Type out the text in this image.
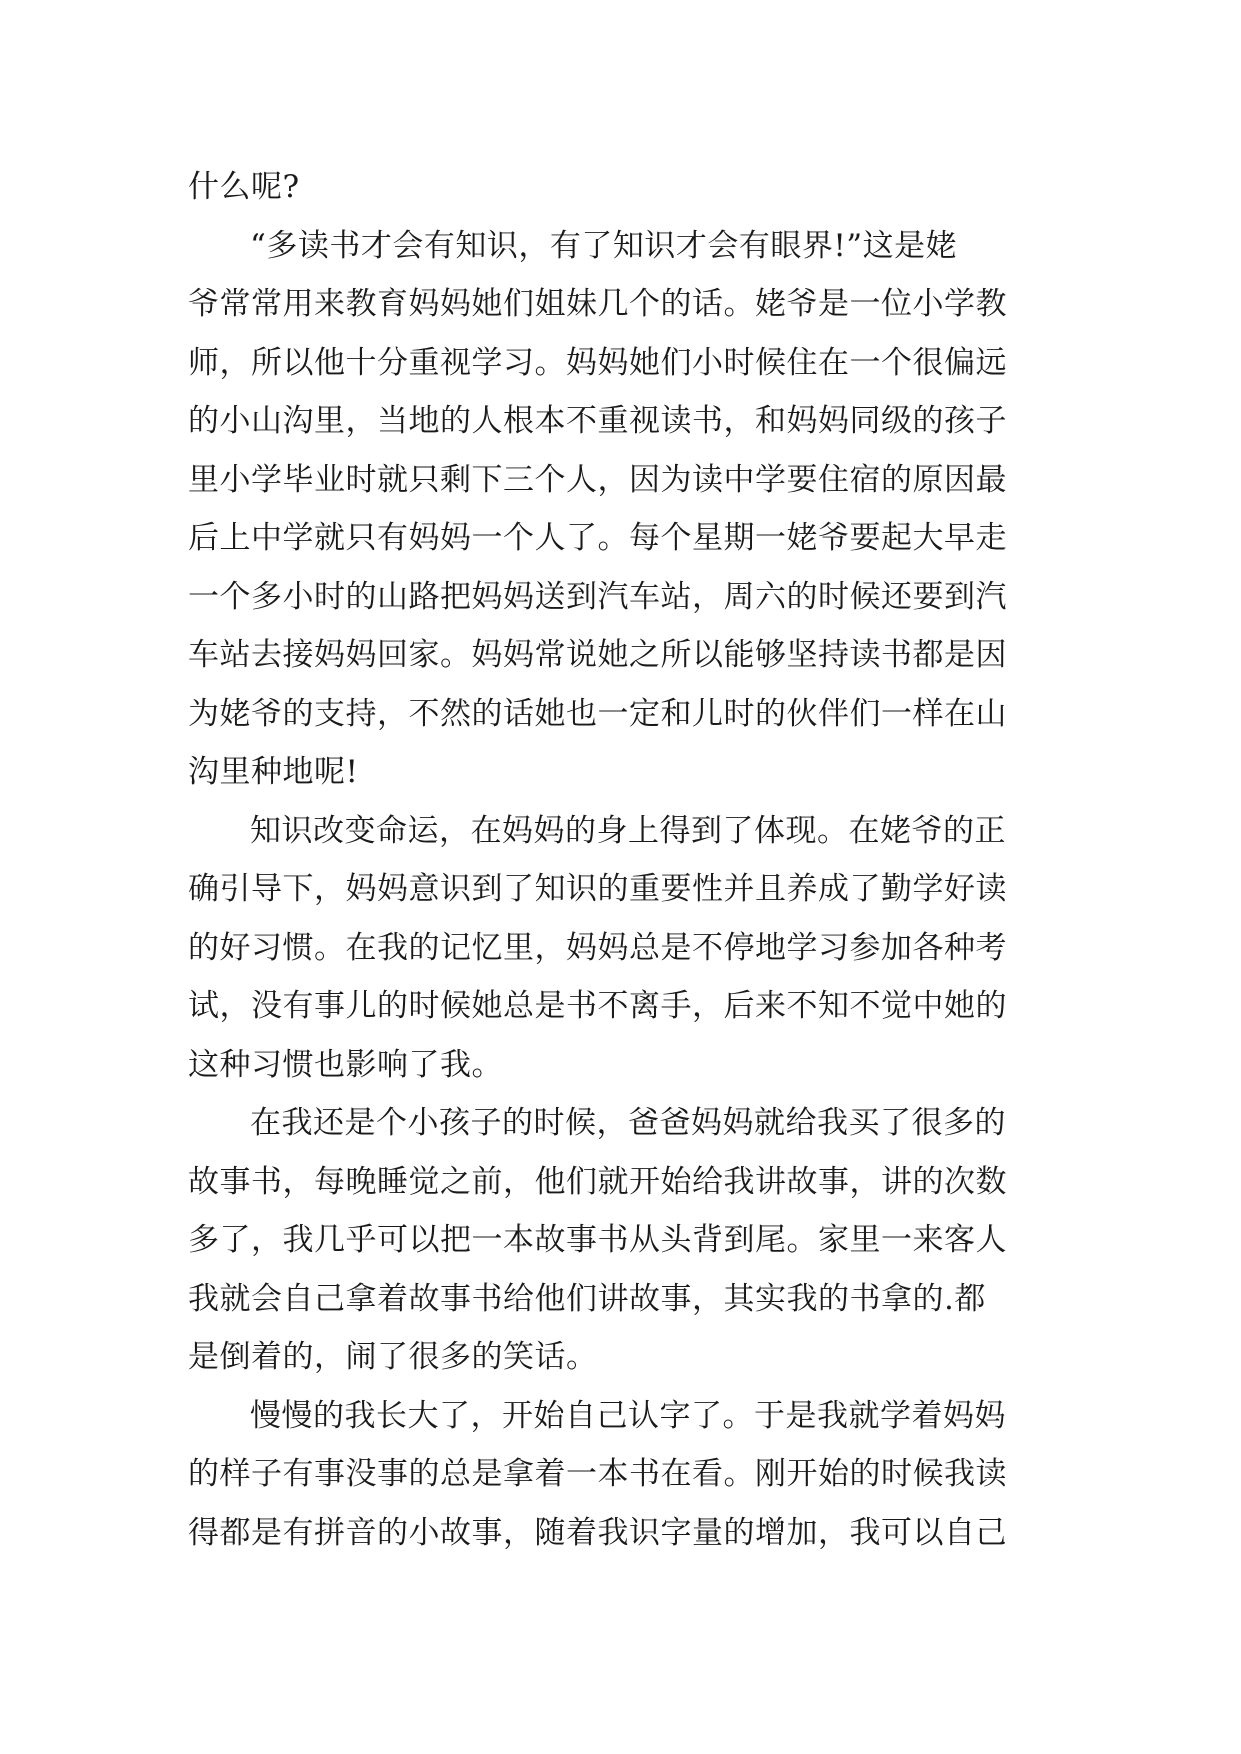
什么呢?

“多读书才会有知识，有了知识才会有眼界!”这是姥
爷常常用来教育妈妈她们姐妹几个的话。姥爷是一位小学教
师，所以他十分重视学习。妈妈她们小时候住在一个很偏远
的小山沟里，当地的人根本不重视读书，和妈妈同级的孩子
里小学毕业时就只剩下三个人，因为读中学要住宿的原因最
后上中学就只有妈妈一个人了。每个星期一姥爷要起大早走
一个多小时的山路把妈妈送到汽车站，周六的时候还要到汽
车站去接妈妈回家。妈妈常说她之所以能够坚持读书都是因
为姥爷的支持，不然的话她也一定和儿时的伙伴们一样在山
沟里种地呢!

知识改变命运，在妈妈的身上得到了体现。在姥爷的正
确引导下，妈妈意识到了知识的重要性并且养成了勤学好读
的好习惯。在我的记忆里，妈妈总是不停地学习参加各种考
试，没有事儿的时候她总是书不离手，后来不知不觉中她的
这种习惯也影响了我。

在我还是个小孩子的时候，爸爸妈妈就给我买了很多的
故事书，每晚睡觉之前，他们就开始给我讲故事，讲的次数
多了，我几乎可以把一本故事书从头背到尾。家里一来客人
我就会自己拿着故事书给他们讲故事，其实我的书拿的.都
是倒着的，闹了很多的笑话。

慢慢的我长大了，开始自己认字了。于是我就学着妈妈
的样子有事没事的总是拿着一本书在看。刚开始的时候我读
得都是有拼音的小故事，随着我识字量的增加，我可以自己
